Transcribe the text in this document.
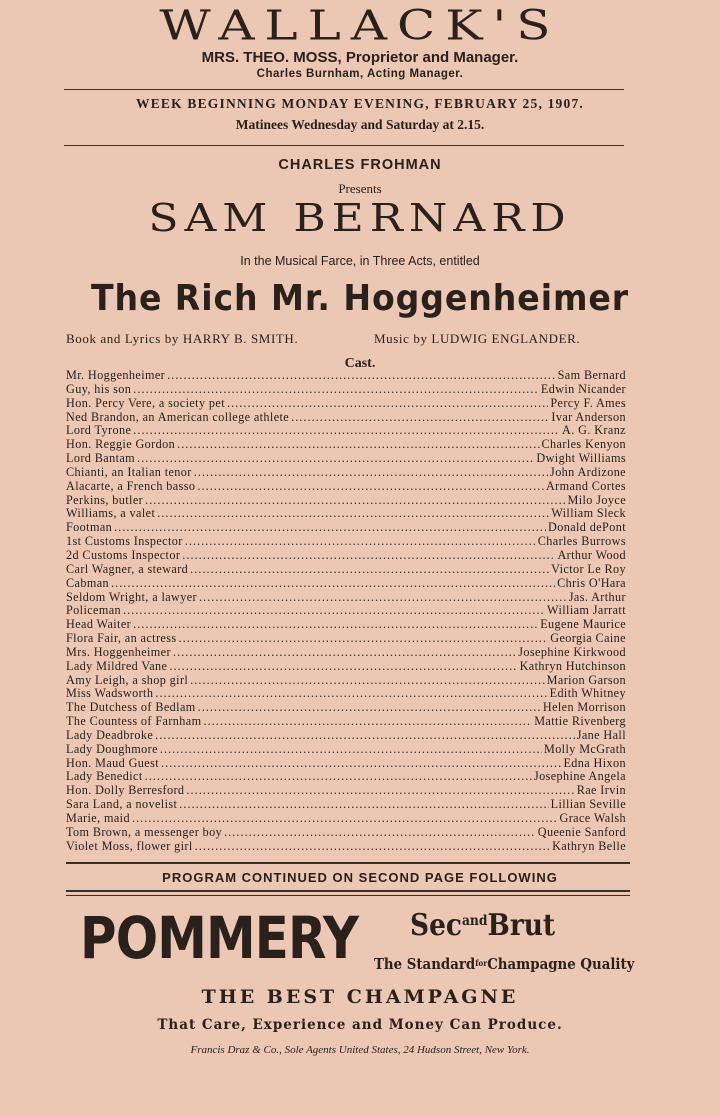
WALLACK'S
MRS. THEO. MOSS, Proprietor and Manager.
Charles Burnham, Acting Manager.
WEEK BEGINNING MONDAY EVENING, FEBRUARY 25, 1907.
Matinees Wednesday and Saturday at 2.15.
CHARLES FROHMAN
Presents
SAM BERNARD
In the Musical Farce, in Three Acts, entitled
The Rich Mr. Hoggenheimer
Book and Lyrics by HARRY B. SMITH.	Music by LUDWIG ENGLANDER.
Cast.
Mr. Hoggenheimer . . .	Sam Bernard
Guy, his son . . .	Edwin Nicander
Hon. Percy Vere, a society pet . . .	Percy F. Ames
Ned Brandon, an American college athlete . . .	Ivar Anderson
Lord Tyrone . . .	A. G. Kranz
Hon. Reggie Gordon . . .	Charles Kenyon
Lord Bantam . . .	Dwight Williams
Chianti, an Italian tenor . . .	John Ardizone
Alacarte, a French basso . . .	Armand Cortes
Perkins, butler . . .	Milo Joyce
Williams, a valet . . .	William Sleck
Footman . . .	Donald dePont
1st Customs Inspector . . .	Charles Burrows
2d Customs Inspector . . .	Arthur Wood
Carl Wagner, a steward . . .	Victor Le Roy
Cabman . . .	Chris O'Hara
Seldom Wright, a lawyer . . .	Jas. Arthur
Policeman . . .	William Jarratt
Head Waiter . . .	Eugene Maurice
Flora Fair, an actress . . .	Georgia Caine
Mrs. Hoggenheimer . . .	Josephine Kirkwood
Lady Mildred Vane . . .	Kathryn Hutchinson
Amy Leigh, a shop girl . . .	Marion Garson
Miss Wadsworth . . .	Edith Whitney
The Dutchess of Bedlam . . .	Helen Morrison
The Countess of Farnham . . .	Mattie Rivenberg
Lady Deadbroke . . .	Jane Hall
Lady Doughmore . . .	Molly McGrath
Hon. Maud Guest . . .	Edna Hixon
Lady Benedict . . .	Josephine Angela
Hon. Dolly Berresford . . .	Rae Irvin
Sara Land, a novelist . . .	Lillian Seville
Marie, maid . . .	Grace Walsh
Tom Brown, a messenger boy . . .	Queenie Sanford
Violet Moss, flower girl . . .	Kathryn Belle
PROGRAM CONTINUED ON SECOND PAGE FOLLOWING
POMMERY Sec$^{and}$Brut
The Standard$^{for}$Champagne Quality
THE BEST CHAMPAGNE
That Care, Experience and Money Can Produce.
Francis Draz & Co., Sole Agents United States, 24 Hudson Street, New York.
